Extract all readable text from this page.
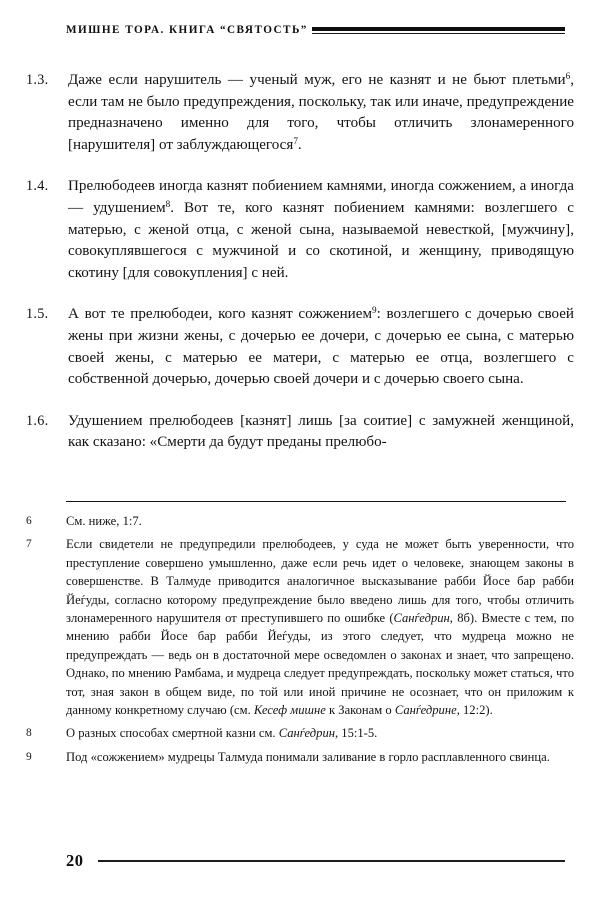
МИШНЕ ТОРА. КНИГА “СВЯТОСТЬ”
1.3.	Даже если нарушитель — ученый муж, его не казнят и не бьют плетьми$^6$, если там не было предупреждения, поскольку, так или иначе, предупреждение предназначено именно для того, чтобы отличить злонамеренного [нарушителя] от заблуждающегося$^7$.
1.4.	Прелюбодеев иногда казнят побиением камнями, иногда сожжением, а иногда — удушением$^8$. Вот те, кого казнят побиением камнями: возлегшего с матерью, с женой отца, с женой сына, называемой невесткой, [мужчину], совокуплявшегося с мужчиной и со скотиной, и женщину, приводящую скотину [для совокупления] с ней.
1.5.	А вот те прелюбодеи, кого казнят сожжением$^9$: возлегшего с дочерью своей жены при жизни жены, с дочерью ее дочери, с дочерью ее сына, с матерью своей жены, с матерью ее матери, с матерью ее отца, возлегшего с собственной дочерью, дочерью своей дочери и с дочерью своего сына.
1.6.	Удушением прелюбодеев [казнят] лишь [за соитие] с замужней женщиной, как сказано: «Смерти да будут преданы прелюбо-
6	См. ниже, 1:7.
7	Если свидетели не предупредили прелюбодеев, у суда не может быть уверенности, что преступление совершено умышленно, даже если речь идет о человеке, знающем законы в совершенстве. В Талмуде приводится аналогичное высказывание рабби Йосе бар рабби Йеѓуды, согласно которому предупреждение было введено лишь для того, чтобы отличить злонамеренного нарушителя от преступившего по ошибке (Санѓедрин, 8б). Вместе с тем, по мнению рабби Йосе бар рабби Йеѓуды, из этого следует, что мудреца можно не предупреждать — ведь он в достаточной мере осведомлен о законах и знает, что запрещено. Однако, по мнению Рамбама, и мудреца следует предупреждать, поскольку может статься, что тот, зная закон в общем виде, по той или иной причине не осознает, что он приложим к данному конкретному случаю (см. Кесеф мишне к Законам о Санѓедрине, 12:2).
8	О разных способах смертной казни см. Санѓедрин, 15:1-5.
9	Под «сожжением» мудрецы Талмуда понимали заливание в горло расплавленного свинца.
20
